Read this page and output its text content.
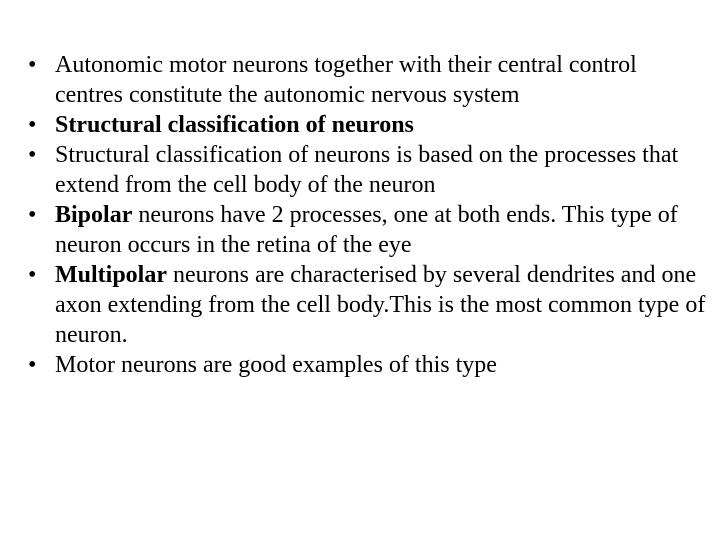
• Autonomic motor neurons together with their central control centres constitute the autonomic nervous system
• Structural classification of neurons
• Structural classification of neurons is based on the processes that extend from the cell body of the neuron
• Bipolar neurons have 2 processes, one at both ends. This type of neuron occurs in the retina of the eye
• Multipolar neurons are characterised by several dendrites and one axon extending from the cell body.This is the most common type of neuron.
• Motor neurons are good examples of this type
